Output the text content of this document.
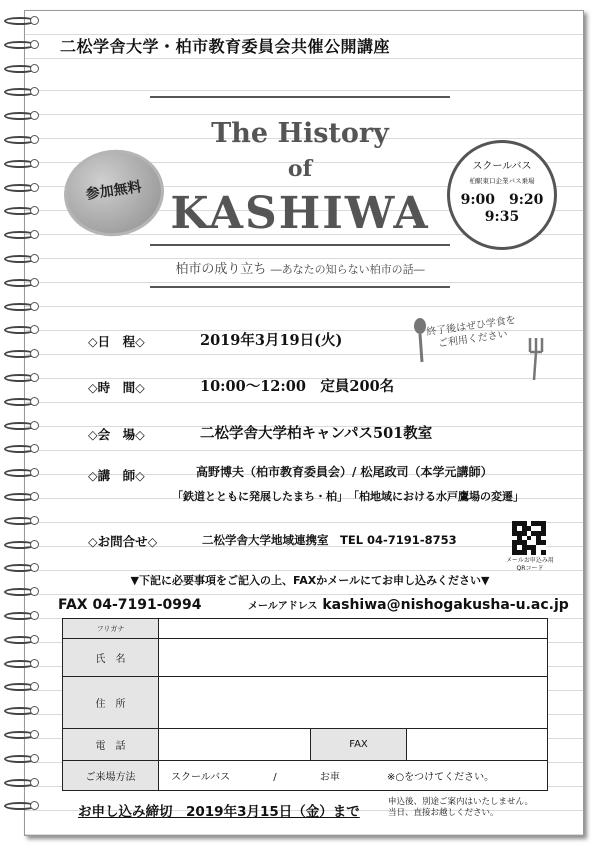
二松学舎大学・柏市教育委員会共催公開講座
The History
of
KASHIWA
柏市の成り立ち ―あなたの知らない柏市の話―
参加無料
スクールバス
柏駅東口企業バス乗場
9:00　9:20
9:35
◇日　程◇	2019年3月19日(火)
◇時　間◇	10:00～12:00　定員200名
◇会　場◇	二松学舎大学柏キャンパス501教室
◇講　師◇	高野博夫（柏市教育委員会）/ 松尾政司（本学元講師）
「鉄道とともに発展したまち・柏」　「柏地域における水戸鷹場の変遷」
◇お問合せ◇	二松学舎大学地域連携室　TEL 04-7191-8753
終了後はぜひ学食を
ご利用ください
メールお申込み用
QRコード
▼下記に必要事項をご記入の上、FAXかメールにてお申し込みください▼
FAX 04-7191-0994	メールアドレス kashiwa@nishogakusha-u.ac.jp
フリガナ			
氏　名			
住　所			
電　話		FAX	
ご来場方法	スクールバス / お車 ※○をつけてください。		
お申し込み締切　2019年3月15日（金）まで
申込後、別途ご案内はいたしません。
当日、直接お越しください。
